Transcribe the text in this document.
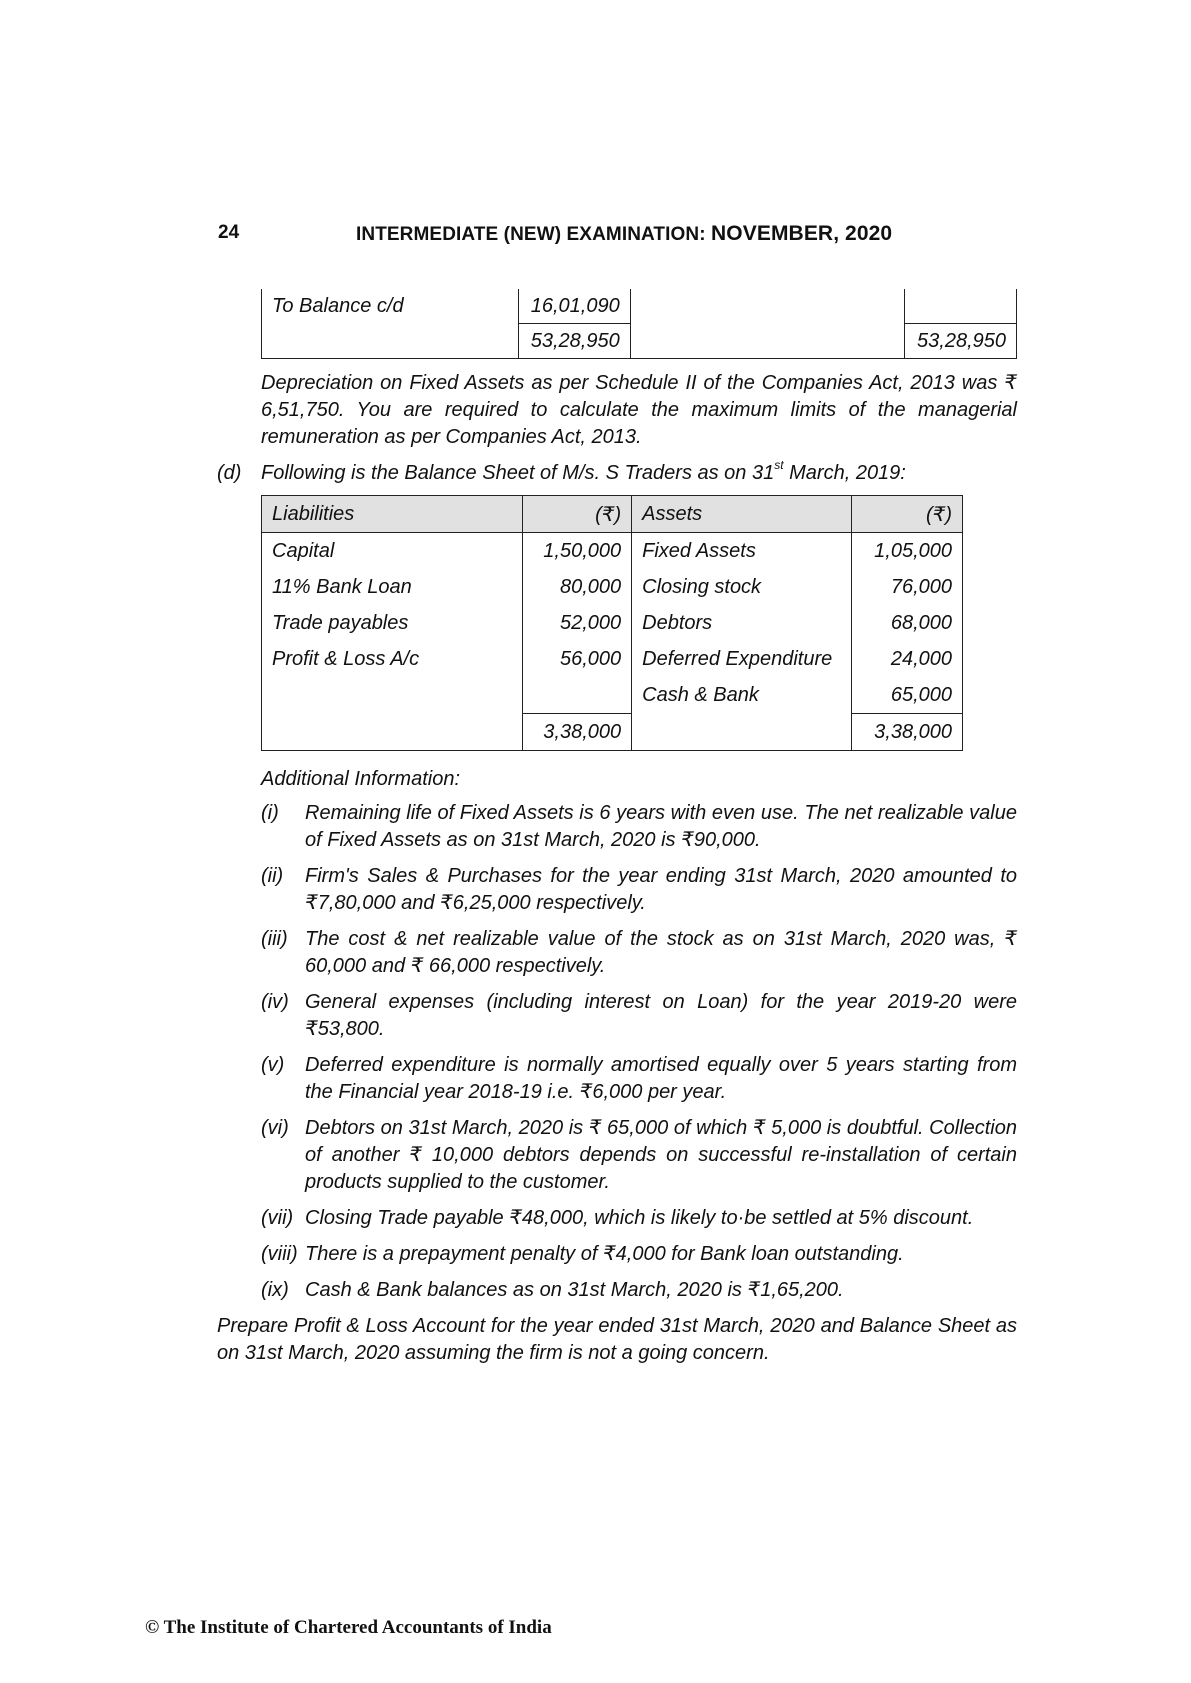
24	INTERMEDIATE (NEW) EXAMINATION: NOVEMBER, 2020
To Balance c/d	16,01,090		
	53,28,950		53,28,950
Depreciation on Fixed Assets as per Schedule II of the Companies Act, 2013 was ₹ 6,51,750. You are required to calculate the maximum limits of the managerial remuneration as per Companies Act, 2013.
(d) Following is the Balance Sheet of M/s. S Traders as on 31st March, 2019:
Liabilities	(₹)	Assets	(₹)
Capital	1,50,000	Fixed Assets	1,05,000
11% Bank Loan	80,000	Closing stock	76,000
Trade payables	52,000	Debtors	68,000
Profit & Loss A/c	56,000	Deferred Expenditure	24,000
		Cash & Bank	65,000
	3,38,000		3,38,000
Additional Information:
(i)	Remaining life of Fixed Assets is 6 years with even use. The net realizable value of Fixed Assets as on 31st March, 2020 is ₹90,000.
(ii)	Firm's Sales & Purchases for the year ending 31st March, 2020 amounted to ₹7,80,000 and ₹6,25,000 respectively.
(iii) The cost & net realizable value of the stock as on 31st March, 2020 was, ₹ 60,000 and ₹ 66,000 respectively.
(iv) General expenses (including interest on Loan) for the year 2019-20 were ₹53,800.
(v)	Deferred expenditure is normally amortised equally over 5 years starting from the Financial year 2018-19 i.e. ₹6,000 per year.
(vi) Debtors on 31st March, 2020 is ₹ 65,000 of which ₹ 5,000 is doubtful. Collection of another ₹ 10,000 debtors depends on successful re-installation of certain products supplied to the customer.
(vii) Closing Trade payable ₹48,000, which is likely to·be settled at 5% discount.
(viii) There is a prepayment penalty of ₹4,000 for Bank loan outstanding.
(ix) Cash & Bank balances as on 31st March, 2020 is ₹1,65,200.
Prepare Profit & Loss Account for the year ended 31st March, 2020 and Balance Sheet as on 31st March, 2020 assuming the firm is not a going concern.
© The Institute of Chartered Accountants of India
